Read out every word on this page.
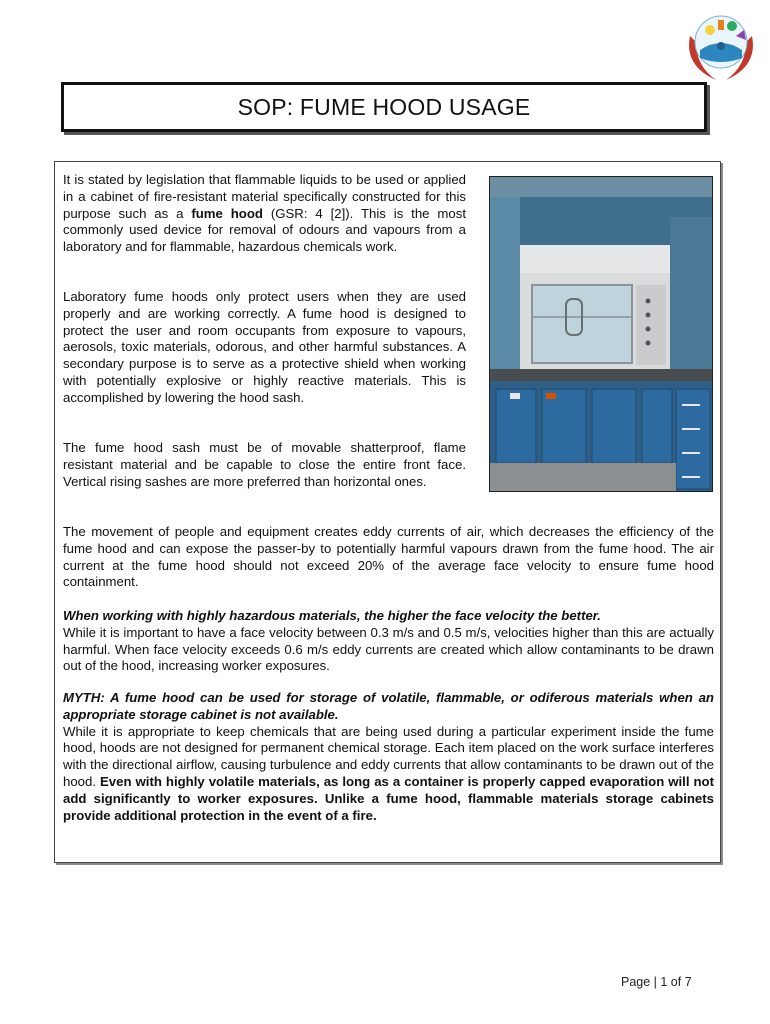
SOP: FUME HOOD USAGE

It is stated by legislation that flammable liquids to be used or applied in a cabinet of fire-resistant material specifically constructed for this purpose such as a fume hood (GSR: 4 [2]). This is the most commonly used device for removal of odours and vapours from a laboratory and for flammable, hazardous chemicals work.

Laboratory fume hoods only protect users when they are used properly and are working correctly. A fume hood is designed to protect the user and room occupants from exposure to vapours, aerosols, toxic materials, odorous, and other harmful substances. A secondary purpose is to serve as a protective shield when working with potentially explosive or highly reactive materials. This is accomplished by lowering the hood sash.

The fume hood sash must be of movable shatterproof, flame resistant material and be capable to close the entire front face. Vertical rising sashes are more preferred than horizontal ones.

The movement of people and equipment creates eddy currents of air, which decreases the efficiency of the fume hood and can expose the passer-by to potentially harmful vapours drawn from the fume hood. The air current at the fume hood should not exceed 20% of the average face velocity to ensure fume hood containment.

When working with highly hazardous materials, the higher the face velocity the better.
While it is important to have a face velocity between 0.3 m/s and 0.5 m/s, velocities higher than this are actually harmful. When face velocity exceeds 0.6 m/s eddy currents are created which allow contaminants to be drawn out of the hood, increasing worker exposures.

MYTH: A fume hood can be used for storage of volatile, flammable, or odiferous materials when an appropriate storage cabinet is not available.
While it is appropriate to keep chemicals that are being used during a particular experiment inside the fume hood, hoods are not designed for permanent chemical storage. Each item placed on the work surface interferes with the directional airflow, causing turbulence and eddy currents that allow contaminants to be drawn out of the hood. Even with highly volatile materials, as long as a container is properly capped evaporation will not add significantly to worker exposures. Unlike a fume hood, flammable materials storage cabinets provide additional protection in the event of a fire.

Page | 1 of 7
